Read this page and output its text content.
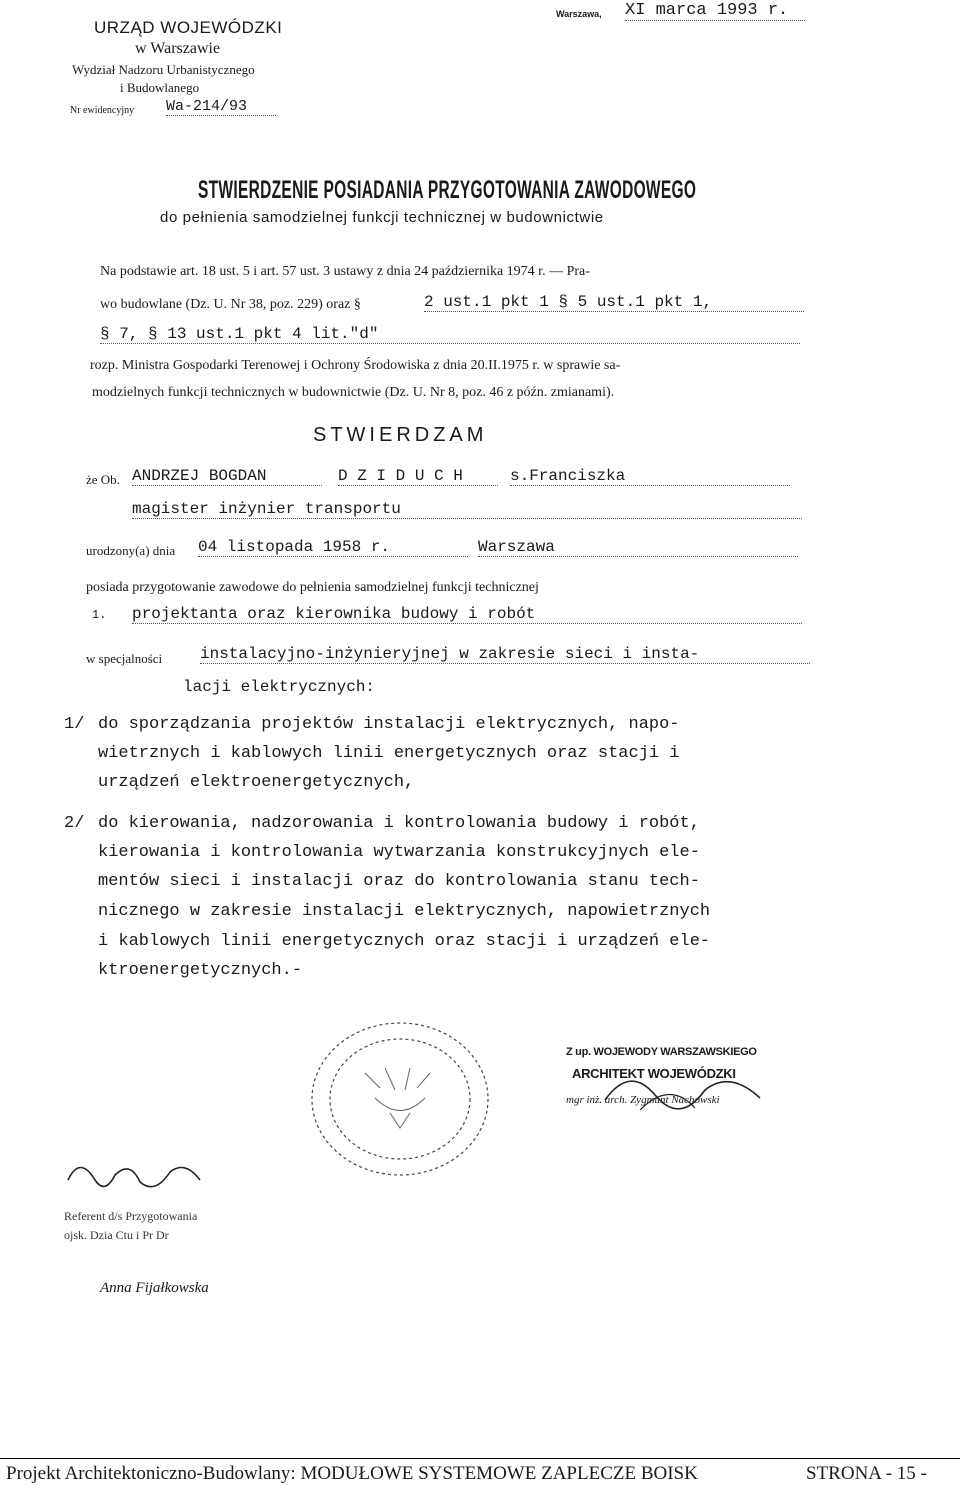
URZĄD WOJEWÓDZKI
w Warszawie
Wydział Nadzoru Urbanistycznego
i Budowlanego
Nr ewidencyjny Wa-214/93
Warszawa, XI marca 1993 r.
STWIERDZENIE POSIADANIA PRZYGOTOWANIA ZAWODOWEGO
do pełnienia samodzielnej funkcji technicznej w budownictwie
Na podstawie art. 18 ust. 5 i art. 57 ust. 3 ustawy z dnia 24 października 1974 r. — Pra-
wo budowlane (Dz. U. Nr 38, poz. 229) oraz §	2 ust.1 pkt 1 § 5 ust.1 pkt 1,
§ 7, § 13 ust.1 pkt 4 lit."d"
rozp. Ministra Gospodarki Terenowej i Ochrony Środowiska z dnia 20.II.1975 r. w sprawie sa-
modzielnych funkcji technicznych w budownictwie (Dz. U. Nr 8, poz. 46 z późn. zmianami).
STWIERDZAM
że Ob. ANDRZEJ BOGDAN	D Z I D U C H	s.Franciszka
magister inżynier transportu
urodzony(a) dnia 04 listopada 1958 r.	Warszawa
posiada przygotowanie zawodowe do pełnienia samodzielnej funkcji technicznej
1. projektanta oraz kierownika budowy i robót
w specjalności instalacyjno-inżynieryjnej w zakresie sieci i insta-
lacji elektrycznych:
1/ do sporządzania projektów instalacji elektrycznych, napo-
wietrznych i kablowych linii energetycznych oraz stacji i
urządzeń elektroenergetycznych,
2/ do kierowania, nadzorowania i kontrolowania budowy i robót,
kierowania i kontrolowania wytwarzania konstrukcyjnych ele-
mentów sieci i instalacji oraz do kontrolowania stanu tech-
nicznego w zakresie instalacji elektrycznych, napowietrznych
i kablowych linii energetycznych oraz stacji i urządzeń ele-
ktroenergetycznych.-
Z up. WOJEWODY WARSZAWSKIEGO
ARCHITEKT WOJEWÓDZKI
mgr inż. arch. Zygmunt Nachowski
Referent d/s Przygotowania
ojsk. Dzia Ctu i Pr Dr
Anna Fijałkowska
Projekt Architektoniczno-Budowlany: MODUŁOWE SYSTEMOWE ZAPLECZE BOISK	STRONA - 15 -
